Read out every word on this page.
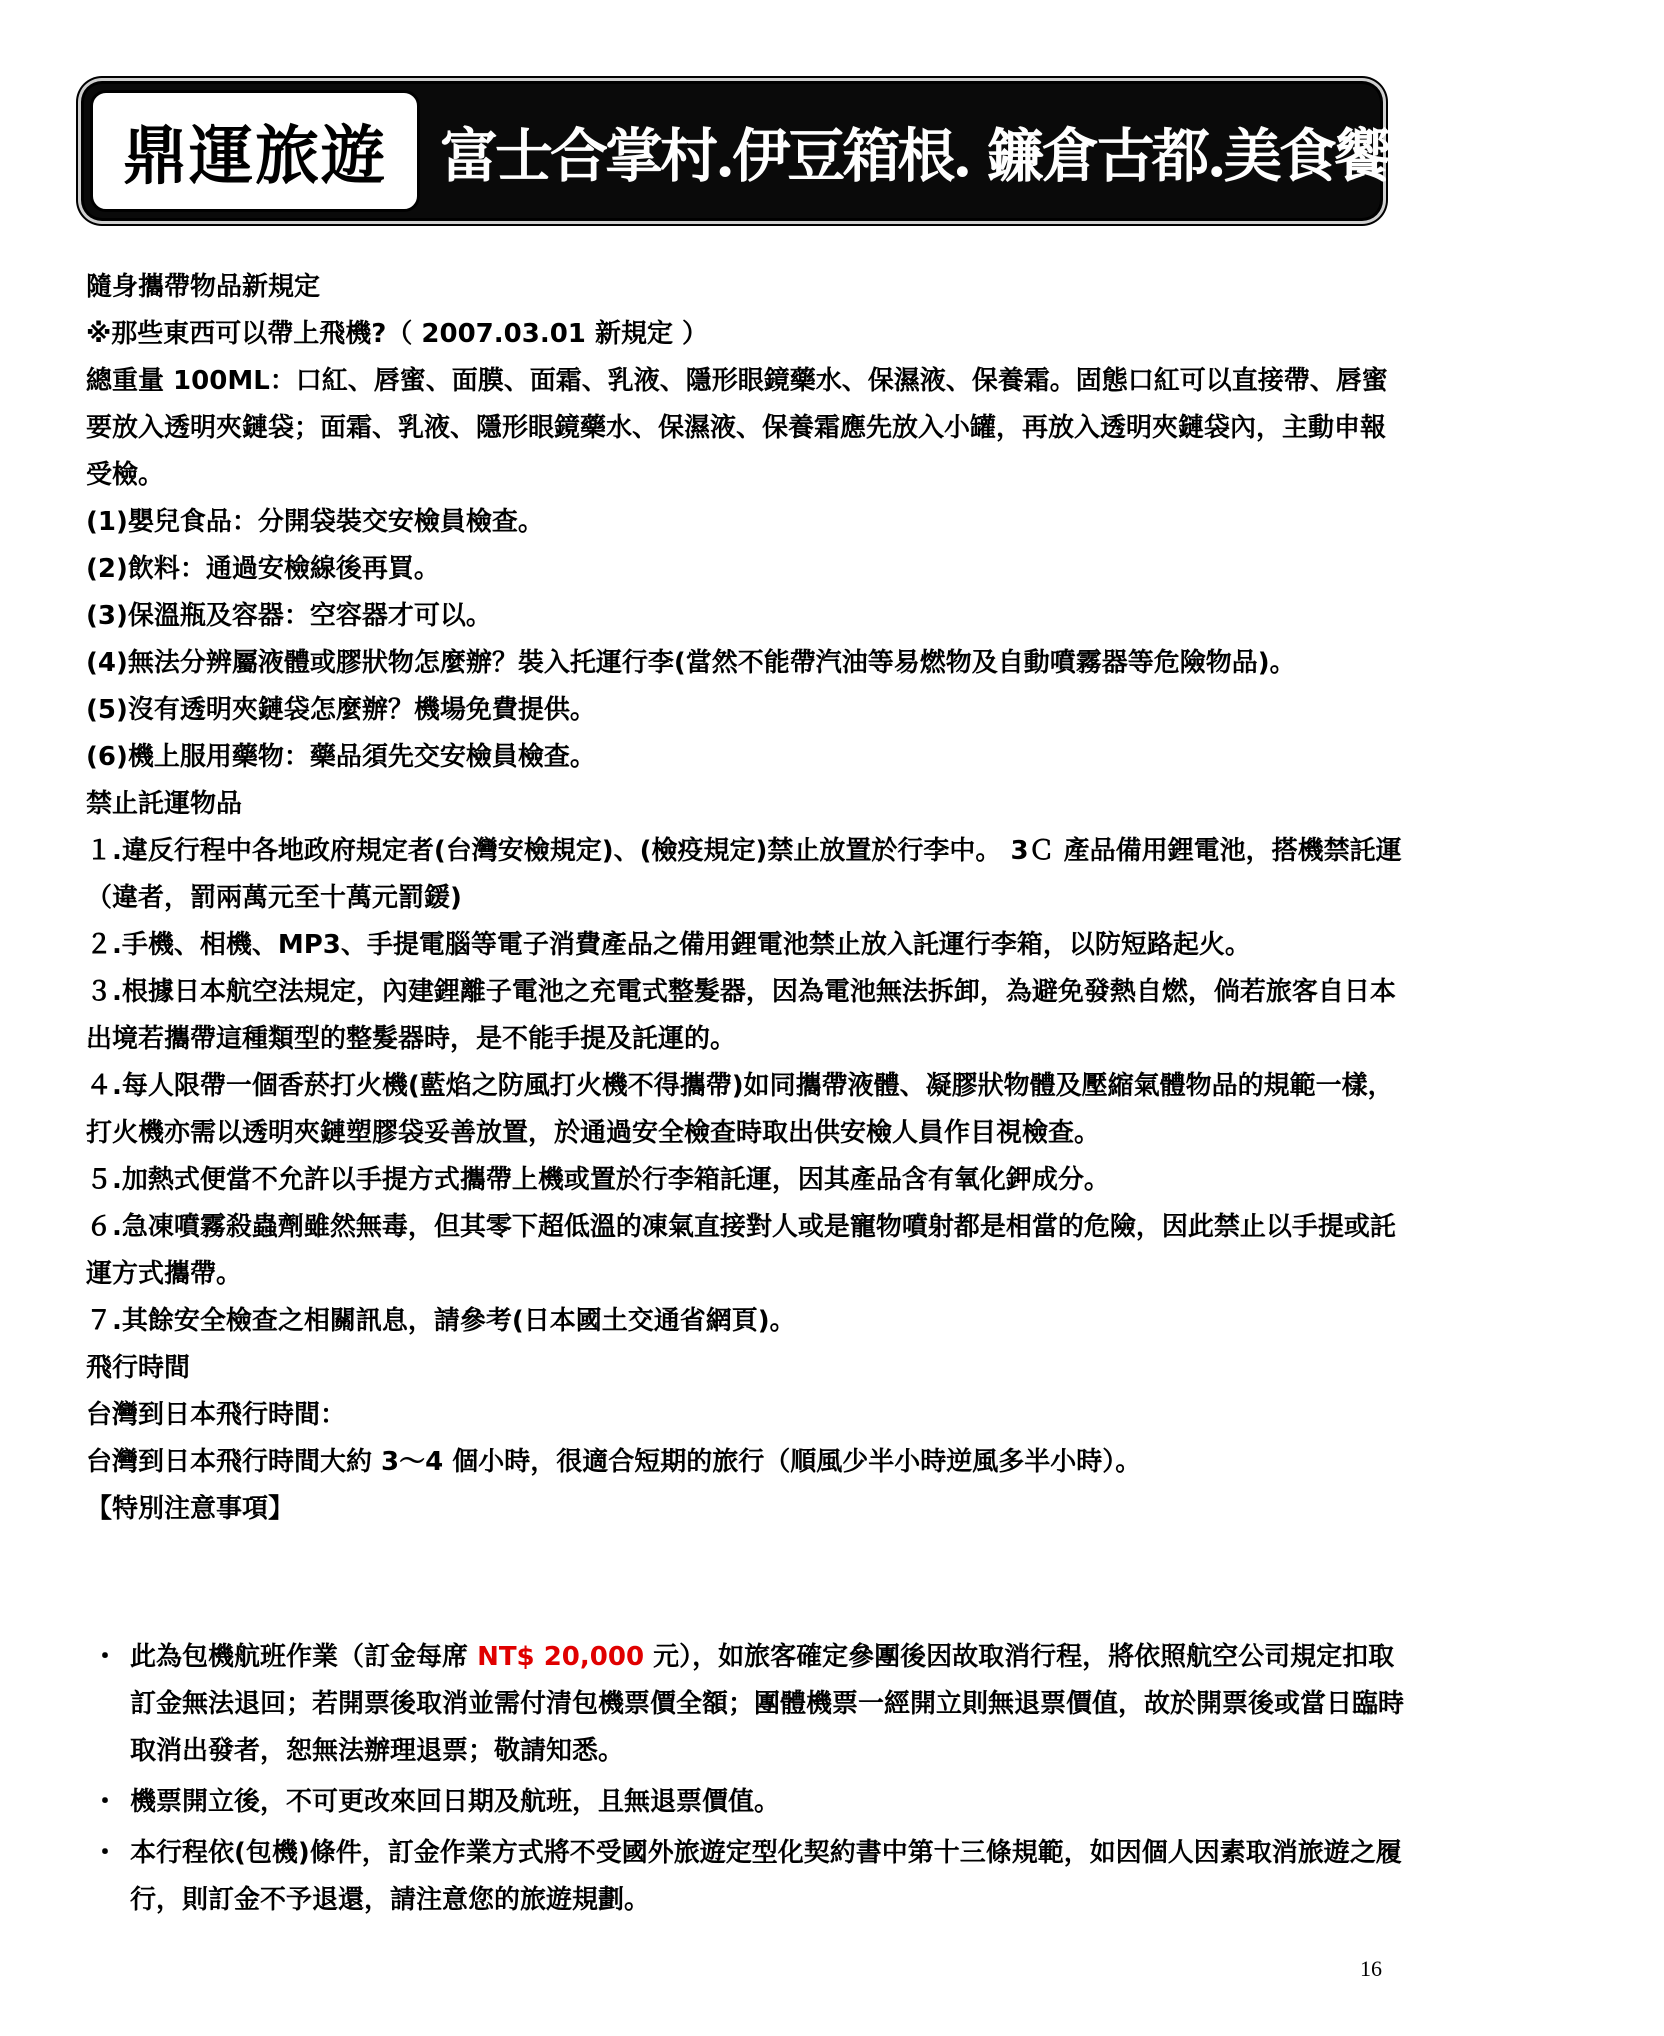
鼎運旅遊 富士合掌村.伊豆箱根. 鐮倉古都.美食饗宴溫泉五日

隨身攜帶物品新規定

※那些東西可以帶上飛機?（ 2007.03.01 新規定 ）

總重量 100ML：口紅、唇蜜、面膜、面霜、乳液、隱形眼鏡藥水、保濕液、保養霜。固態口紅可以直接帶、唇蜜要放入透明夾鏈袋；面霜、乳液、隱形眼鏡藥水、保濕液、保養霜應先放入小罐，再放入透明夾鏈袋內，主動申報受檢。

(1)嬰兒食品：分開袋裝交安檢員檢查。

(2)飲料：通過安檢線後再買。

(3)保溫瓶及容器：空容器才可以。

(4)無法分辨屬液體或膠狀物怎麼辦？裝入托運行李(當然不能帶汽油等易燃物及自動噴霧器等危險物品)。

(5)沒有透明夾鏈袋怎麼辦？機場免費提供。

(6)機上服用藥物：藥品須先交安檢員檢查。

禁止託運物品

１.違反行程中各地政府規定者(台灣安檢規定)、(檢疫規定)禁止放置於行李中。 3Ｃ 產品備用鋰電池，搭機禁託運（違者，罰兩萬元至十萬元罰鍰)

２.手機、相機、MP3、手提電腦等電子消費產品之備用鋰電池禁止放入託運行李箱，以防短路起火。

３.根據日本航空法規定，內建鋰離子電池之充電式整髮器，因為電池無法拆卸，為避免發熱自燃，倘若旅客自日本出境若攜帶這種類型的整髮器時，是不能手提及託運的。

４.每人限帶一個香菸打火機(藍焰之防風打火機不得攜帶)如同攜帶液體、凝膠狀物體及壓縮氣體物品的規範一樣，打火機亦需以透明夾鏈塑膠袋妥善放置，於通過安全檢查時取出供安檢人員作目視檢查。

５.加熱式便當不允許以手提方式攜帶上機或置於行李箱託運，因其產品含有氧化鉀成分。

６.急凍噴霧殺蟲劑雖然無毒，但其零下超低溫的凍氣直接對人或是寵物噴射都是相當的危險，因此禁止以手提或託運方式攜帶。

７.其餘安全檢查之相關訊息，請參考(日本國土交通省網頁)。

飛行時間

台灣到日本飛行時間：

台灣到日本飛行時間大約 3～4 個小時，很適合短期的旅行（順風少半小時逆風多半小時）。

【特別注意事項】

・ 此為包機航班作業（訂金每席 NT$ 20,000 元），如旅客確定參團後因故取消行程，將依照航空公司規定扣取訂金無法退回；若開票後取消並需付清包機票價全額；團體機票一經開立則無退票價值，故於開票後或當日臨時取消出發者，恕無法辦理退票；敬請知悉。
・ 機票開立後，不可更改來回日期及航班，且無退票價值。
・ 本行程依(包機)條件，訂金作業方式將不受國外旅遊定型化契約書中第十三條規範，如因個人因素取消旅遊之履行，則訂金不予退還，請注意您的旅遊規劃。
16
